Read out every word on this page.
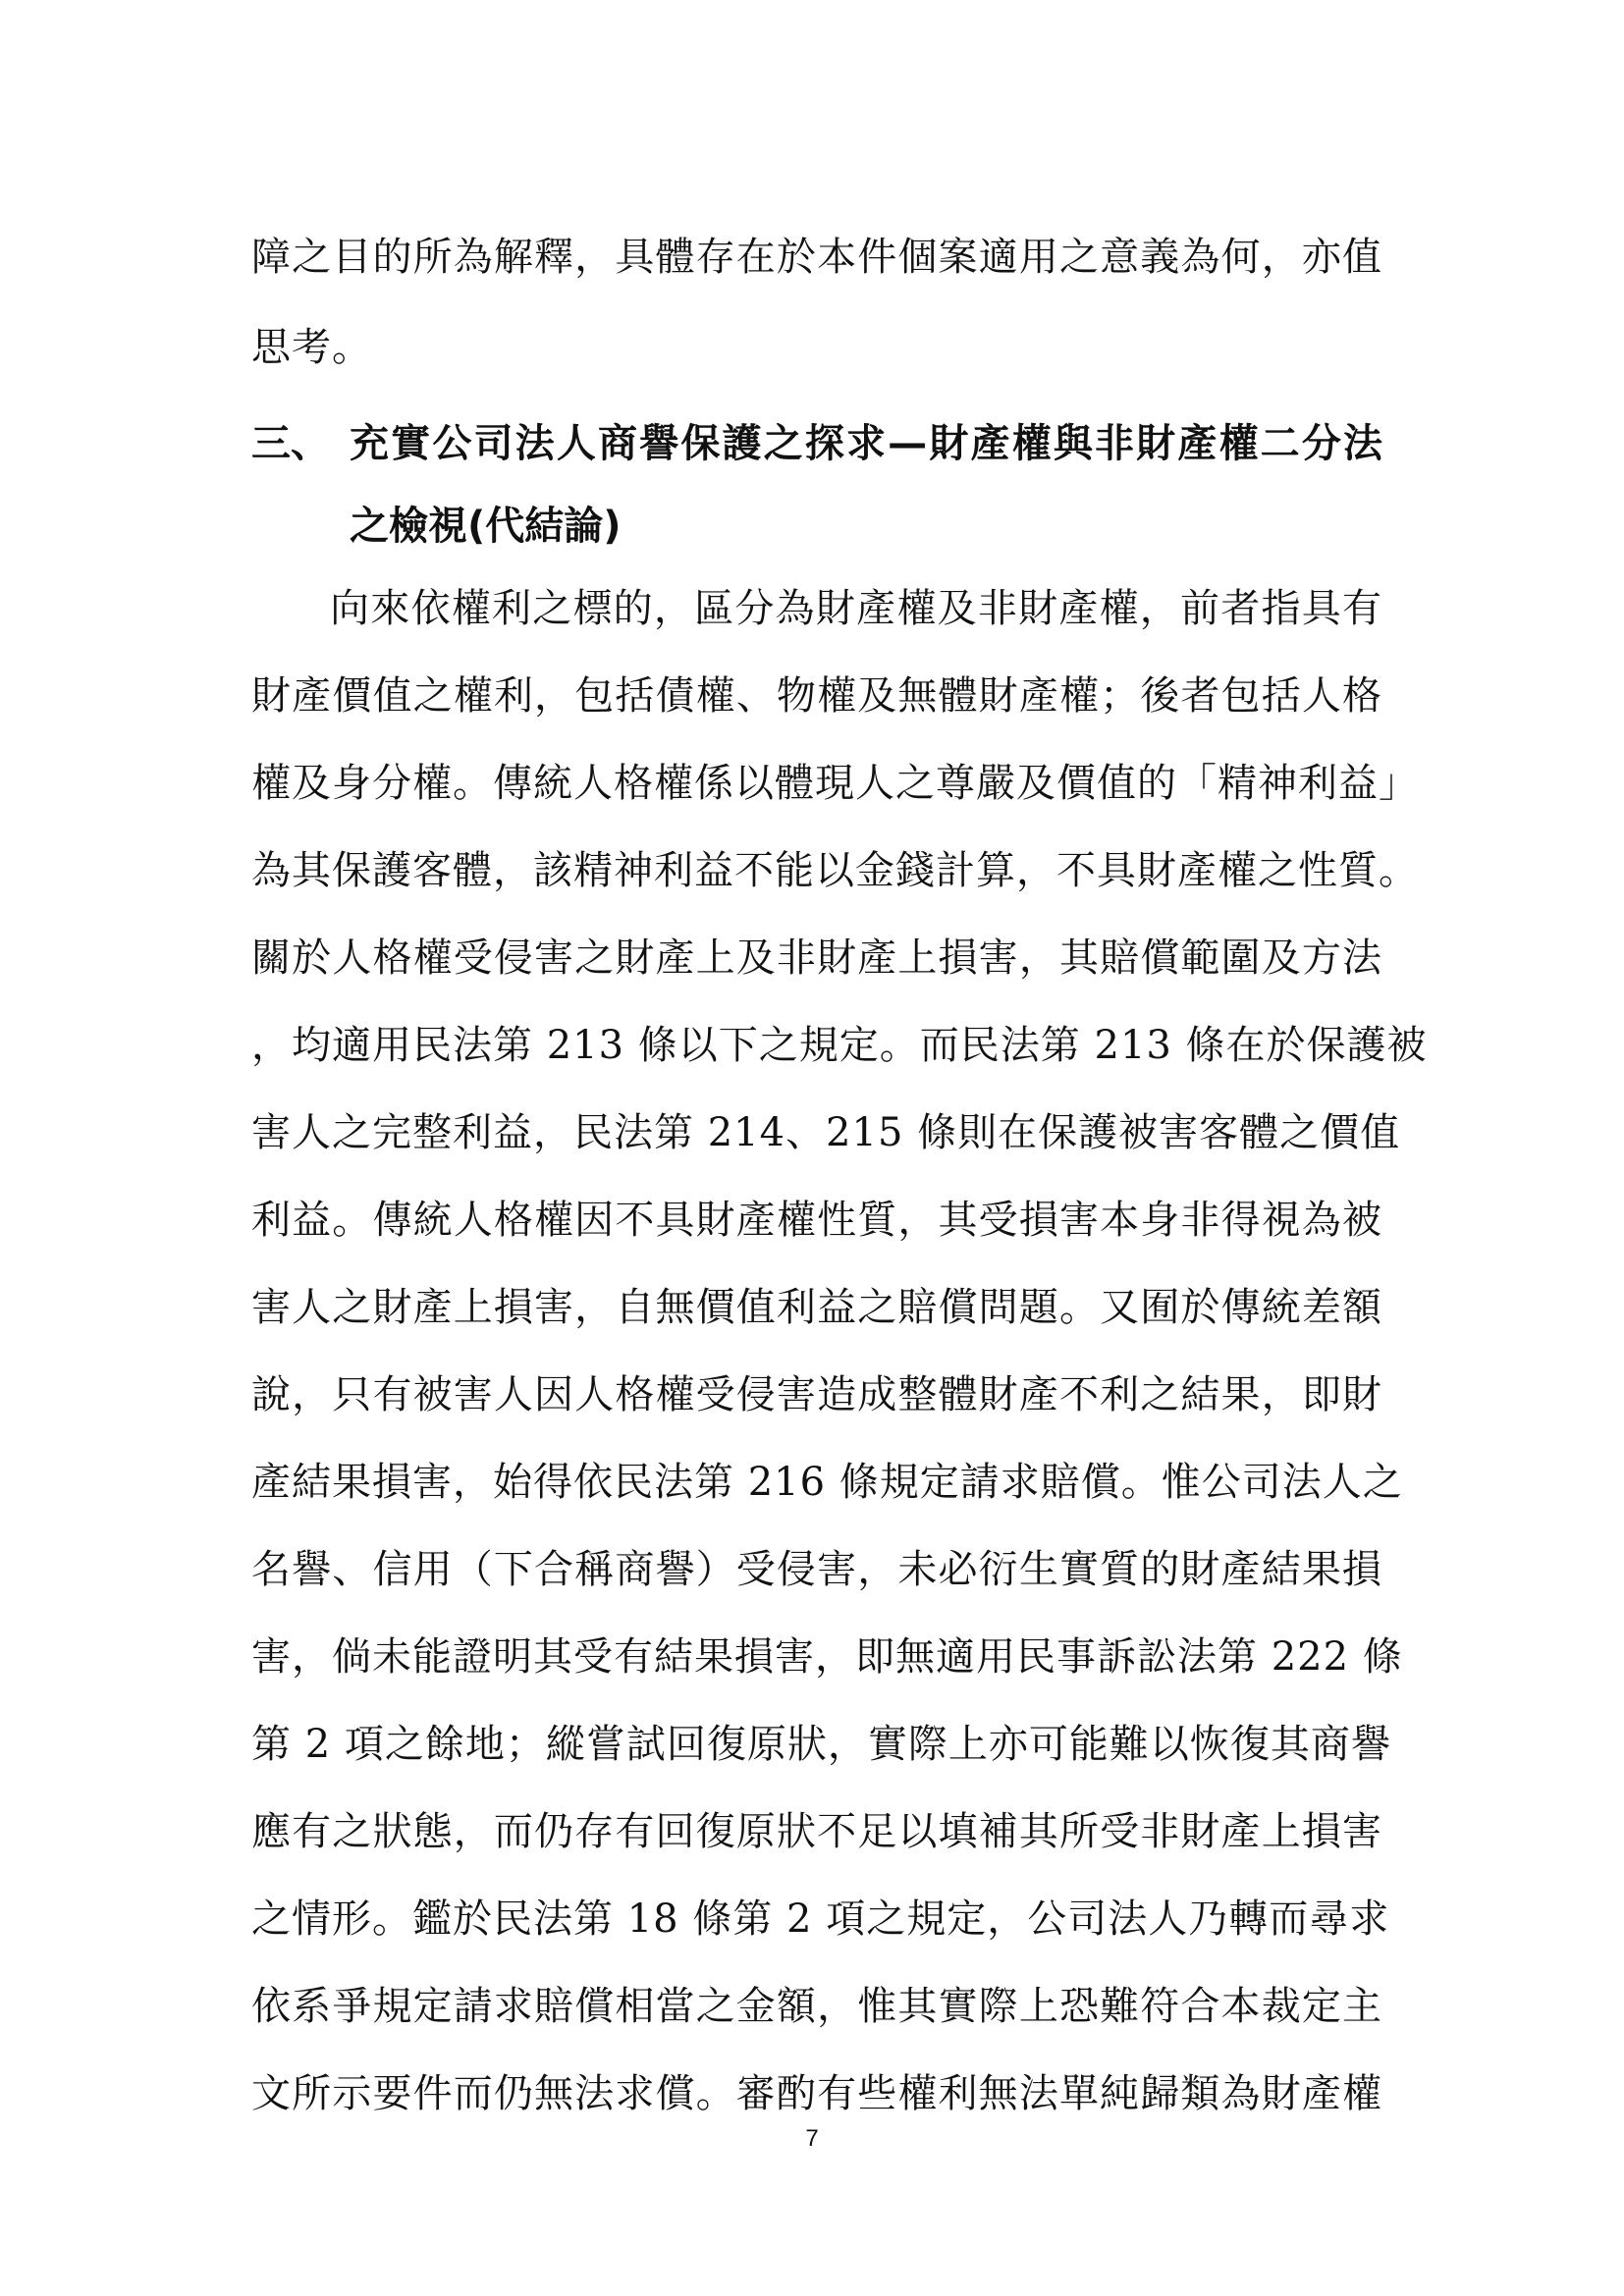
障之目的所為解釋，具體存在於本件個案適用之意義為何，亦值
思考。
三、 充實公司法人商譽保護之探求—財產權與非財產權二分法
之檢視(代結論)
向來依權利之標的，區分為財產權及非財產權，前者指具有
財產價值之權利，包括債權、物權及無體財產權；後者包括人格
權及身分權。傳統人格權係以體現人之尊嚴及價值的「精神利益」
為其保護客體，該精神利益不能以金錢計算，不具財產權之性質。
關於人格權受侵害之財產上及非財產上損害，其賠償範圍及方法
，均適用民法第 213 條以下之規定。而民法第 213 條在於保護被
害人之完整利益，民法第 214、215 條則在保護被害客體之價值
利益。傳統人格權因不具財產權性質，其受損害本身非得視為被
害人之財產上損害，自無價值利益之賠償問題。又囿於傳統差額
說，只有被害人因人格權受侵害造成整體財產不利之結果，即財
產結果損害，始得依民法第 216 條規定請求賠償。惟公司法人之
名譽、信用（下合稱商譽）受侵害，未必衍生實質的財產結果損
害，倘未能證明其受有結果損害，即無適用民事訴訟法第 222 條
第 2 項之餘地；縱嘗試回復原狀，實際上亦可能難以恢復其商譽
應有之狀態，而仍存有回復原狀不足以填補其所受非財產上損害
之情形。鑑於民法第 18 條第 2 項之規定，公司法人乃轉而尋求
依系爭規定請求賠償相當之金額，惟其實際上恐難符合本裁定主
文所示要件而仍無法求償。審酌有些權利無法單純歸類為財產權
7
